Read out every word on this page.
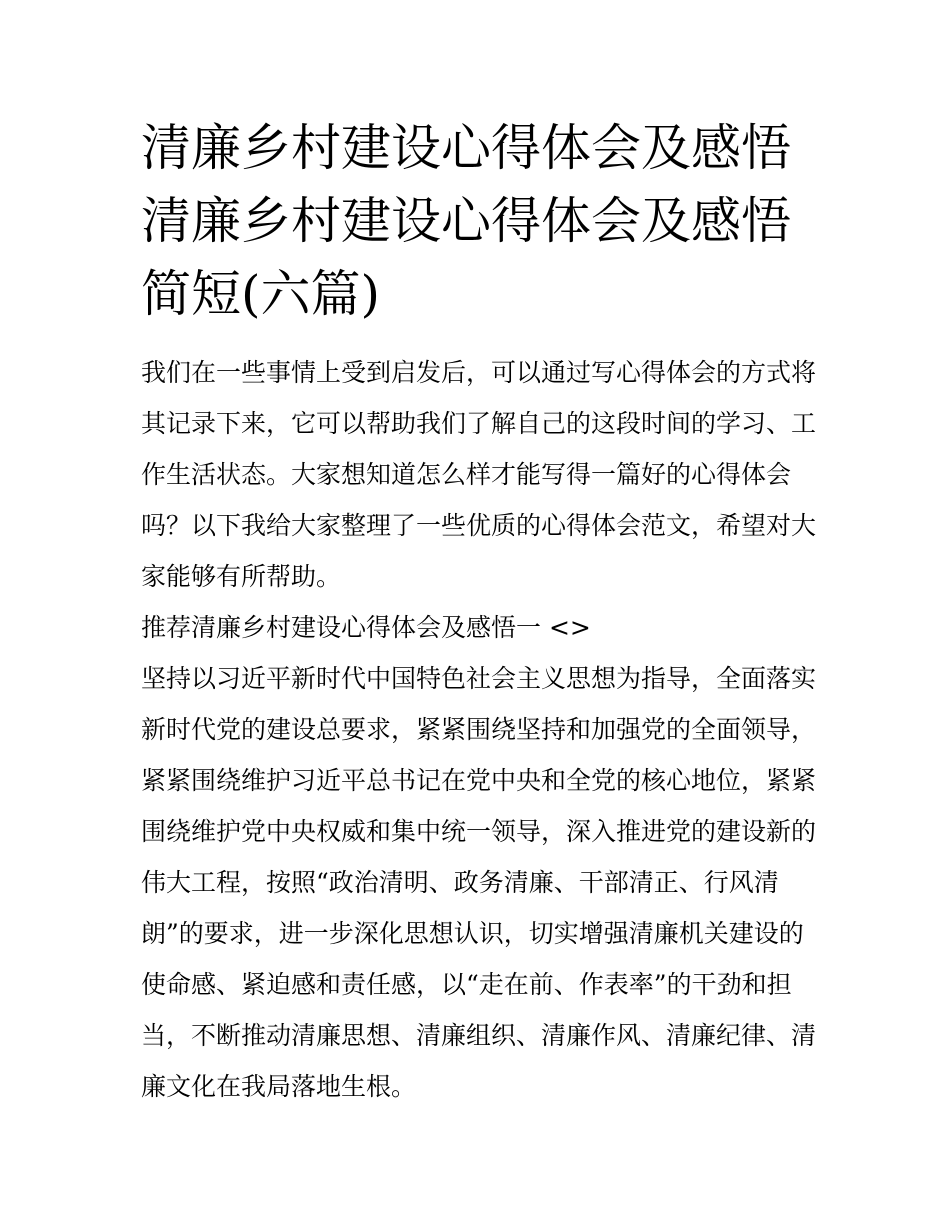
清廉乡村建设心得体会及感悟
清廉乡村建设心得体会及感悟
简短(六篇)

我们在一些事情上受到启发后，可以通过写心得体会的方式将
其记录下来，它可以帮助我们了解自己的这段时间的学习、工
作生活状态。大家想知道怎么样才能写得一篇好的心得体会
吗？以下我给大家整理了一些优质的心得体会范文，希望对大
家能够有所帮助。

推荐清廉乡村建设心得体会及感悟一 <>

坚持以习近平新时代中国特色社会主义思想为指导，全面落实
新时代党的建设总要求，紧紧围绕坚持和加强党的全面领导，
紧紧围绕维护习近平总书记在党中央和全党的核心地位，紧紧
围绕维护党中央权威和集中统一领导，深入推进党的建设新的
伟大工程，按照“政治清明、政务清廉、干部清正、行风清
朗”的要求，进一步深化思想认识，切实增强清廉机关建设的
使命感、紧迫感和责任感，以“走在前、作表率”的干劲和担
当，不断推动清廉思想、清廉组织、清廉作风、清廉纪律、清
廉文化在我局落地生根。
